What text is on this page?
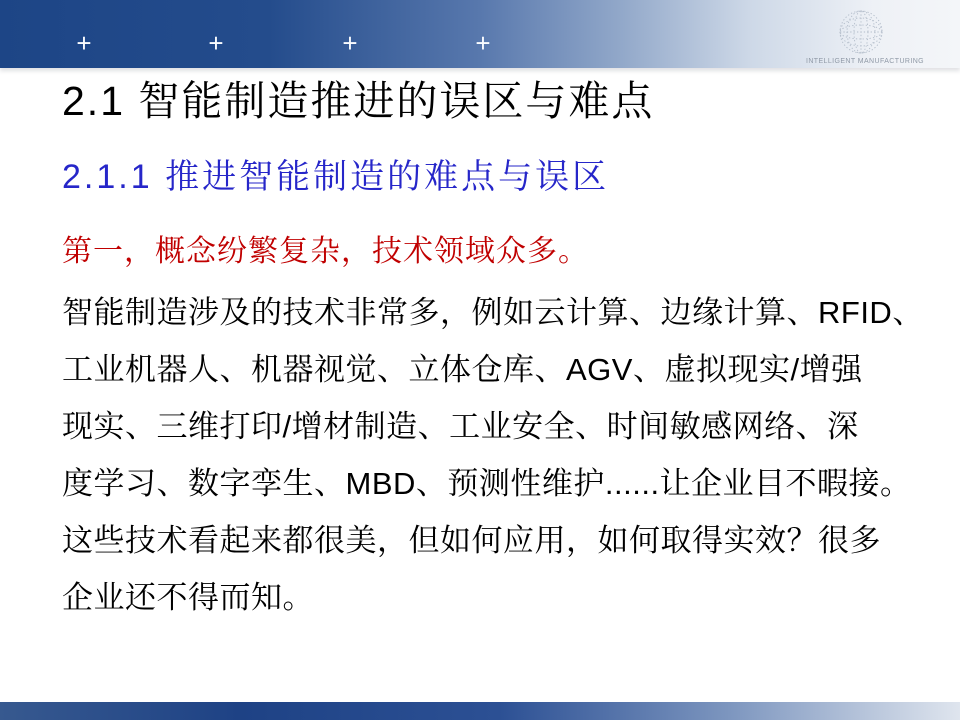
+	+	+	+
INTELLIGENT MANUFACTURING
2.1 智能制造推进的误区与难点
2.1.1 推进智能制造的难点与误区
第一，概念纷繁复杂，技术领域众多。
智能制造涉及的技术非常多，例如云计算、边缘计算、RFID、
工业机器人、机器视觉、立体仓库、AGV、虚拟现实/增强
现实、三维打印/增材制造、工业安全、时间敏感网络、深
度学习、数字孪生、MBD、预测性维护......让企业目不暇接。
这些技术看起来都很美，但如何应用，如何取得实效？很多
企业还不得而知。
